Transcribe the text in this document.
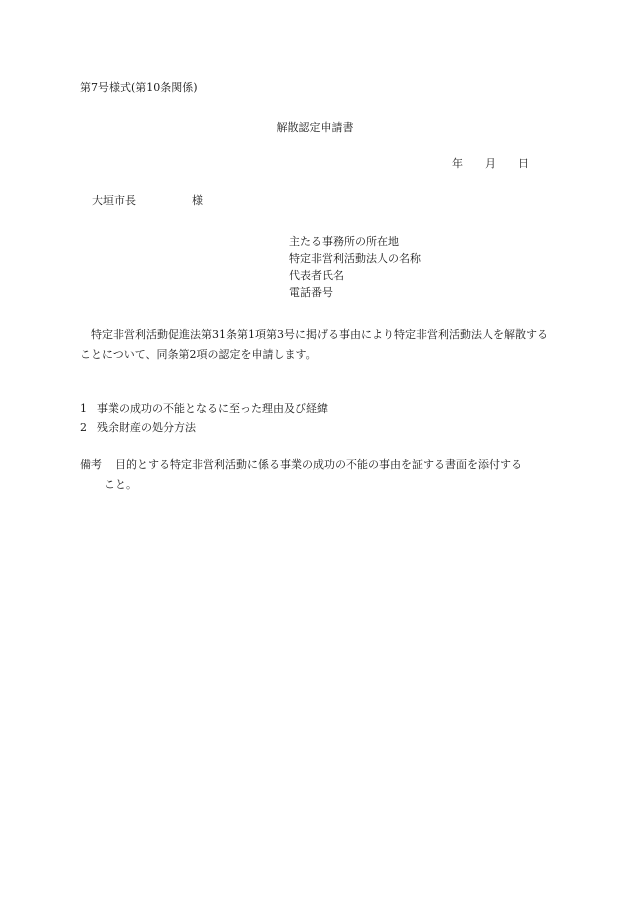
第7号様式(第10条関係)
解散認定申請書
年 月 日
大垣市長	様
主たる事務所の所在地
特定非営利活動法人の名称
代表者氏名
電話番号
特定非営利活動促進法第31条第1項第3号に掲げる事由により特定非営利活動法人を解散することについて、同条第2項の認定を申請します。
1 事業の成功の不能となるに至った理由及び経緯
2 残余財産の処分方法
備考	目的とする特定非営利活動に係る事業の成功の不能の事由を証する書面を添付する
こと。
